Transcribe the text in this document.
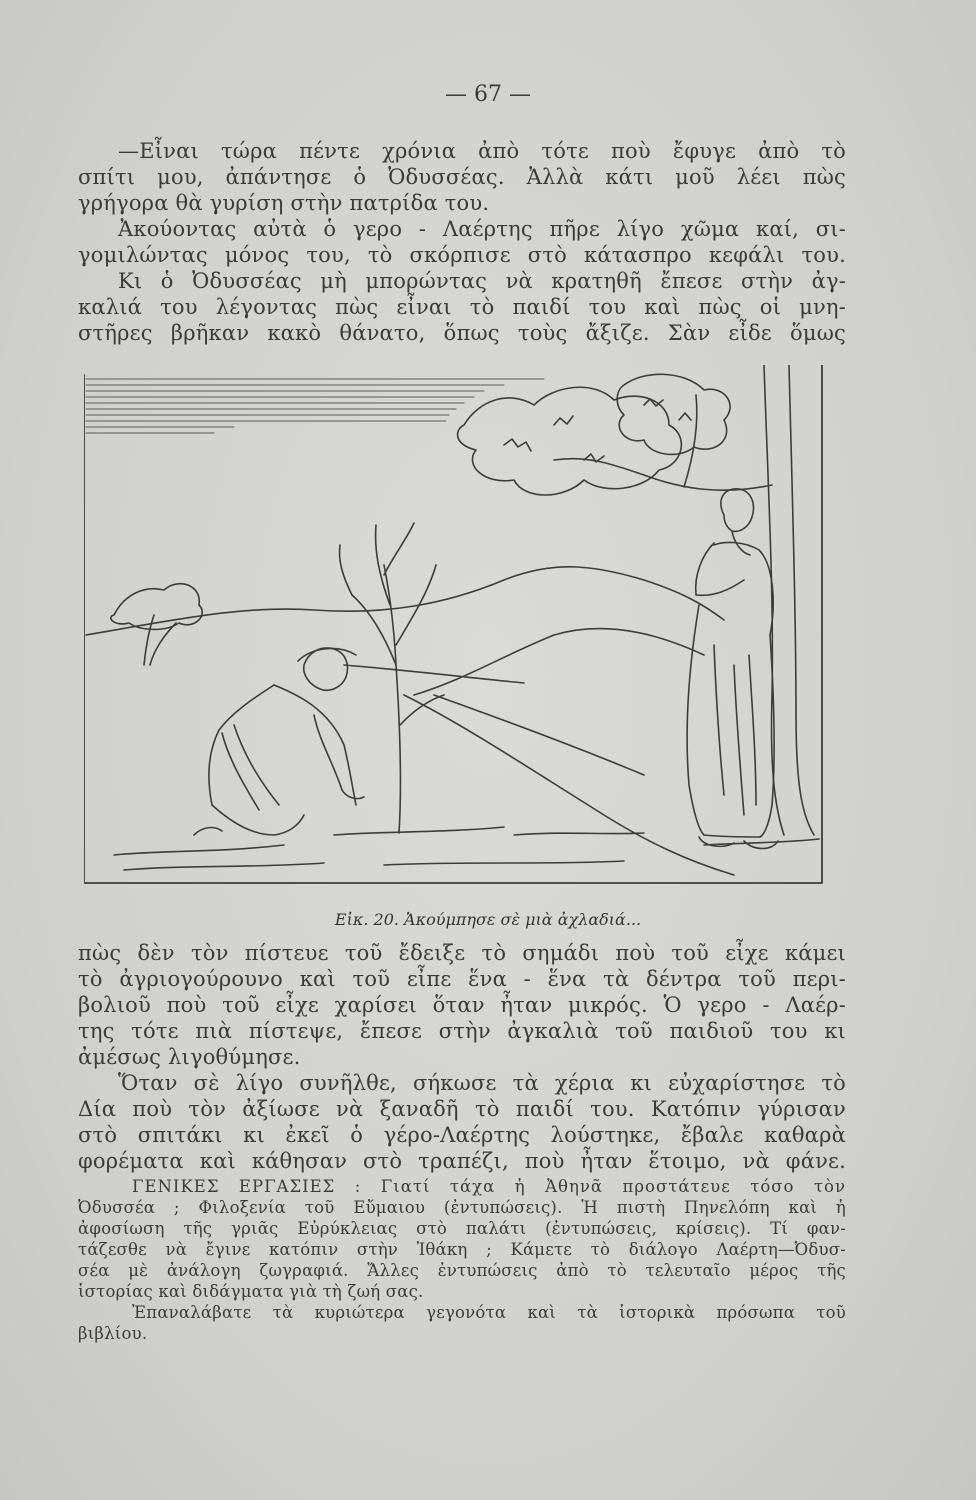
— 67 —
—Εἶναι τώρα πέντε χρόνια ἀπὸ τότε ποὺ ἔφυγε ἀπὸ τὸ
σπίτι μου, ἀπάντησε ὁ Ὀδυσσέας. Ἀλλὰ κάτι μοῦ λέει πὼς
γρήγορα θὰ γυρίση στὴν πατρίδα του.
Ἀκούοντας αὐτὰ ὁ γερο - Λαέρτης πῆρε λίγο χῶμα καί, σι-
γομιλώντας μόνος του, τὸ σκόρπισε στὸ κάτασπρο κεφάλι του.
Κι ὁ Ὀδυσσέας μὴ μπορώντας νὰ κρατηθῆ ἔπεσε στὴν ἀγ-
καλιά του λέγοντας πὼς εἶναι τὸ παιδί του καὶ πὼς οἱ μνη-
στῆρες βρῆκαν κακὸ θάνατο, ὅπως τοὺς ἄξιζε. Σὰν εἶδε ὅμως
Εἰκ. 20. Ἀκούμπησε σὲ μιὰ ἀχλαδιά...
πὼς δὲν τὸν πίστευε τοῦ ἔδειξε τὸ σημάδι ποὺ τοῦ εἶχε κάμει
τὸ ἀγριογούρουνο καὶ τοῦ εἶπε ἕνα - ἕνα τὰ δέντρα τοῦ περι-
βολιοῦ ποὺ τοῦ εἶχε χαρίσει ὅταν ἦταν μικρός. Ὁ γερο - Λαέρ-
της τότε πιὰ πίστεψε, ἔπεσε στὴν ἀγκαλιὰ τοῦ παιδιοῦ του κι
ἀμέσως λιγοθύμησε.
Ὅταν σὲ λίγο συνῆλθε, σήκωσε τὰ χέρια κι εὐχαρίστησε τὸ
Δία ποὺ τὸν ἀξίωσε νὰ ξαναδῆ τὸ παιδί του. Κατόπιν γύρισαν
στὸ σπιτάκι κι ἐκεῖ ὁ γέρο-Λαέρτης λούστηκε, ἔβαλε καθαρὰ
φορέματα καὶ κάθησαν στὸ τραπέζι, ποὺ ἦταν ἕτοιμο, νὰ φάνε.
ΓΕΝΙΚΕΣ ΕΡΓΑΣΙΕΣ : Γιατί τάχα ἡ Ἀθηνᾶ προστάτευε τόσο τὸν
Ὀδυσσέα ; Φιλοξενία τοῦ Εὔμαιου (ἐντυπώσεις). Ἡ πιστὴ Πηνελόπη καὶ ἡ
ἀφοσίωση τῆς γριᾶς Εὐρύκλειας στὸ παλάτι (ἐντυπώσεις, κρίσεις). Τί φαν-
τάζεσθε νὰ ἔγινε κατόπιν στὴν Ἰθάκη ; Κάμετε τὸ διάλογο Λαέρτη—Ὀδυσ-
σέα μὲ ἀνάλογη ζωγραφιά. Ἄλλες ἐντυπώσεις ἀπὸ τὸ τελευταῖο μέρος τῆς
ἱστορίας καὶ διδάγματα γιὰ τὴ ζωή σας.
Ἐπαναλάβατε τὰ κυριώτερα γεγονότα καὶ τὰ ἱστορικὰ πρόσωπα τοῦ
βιβλίου.
